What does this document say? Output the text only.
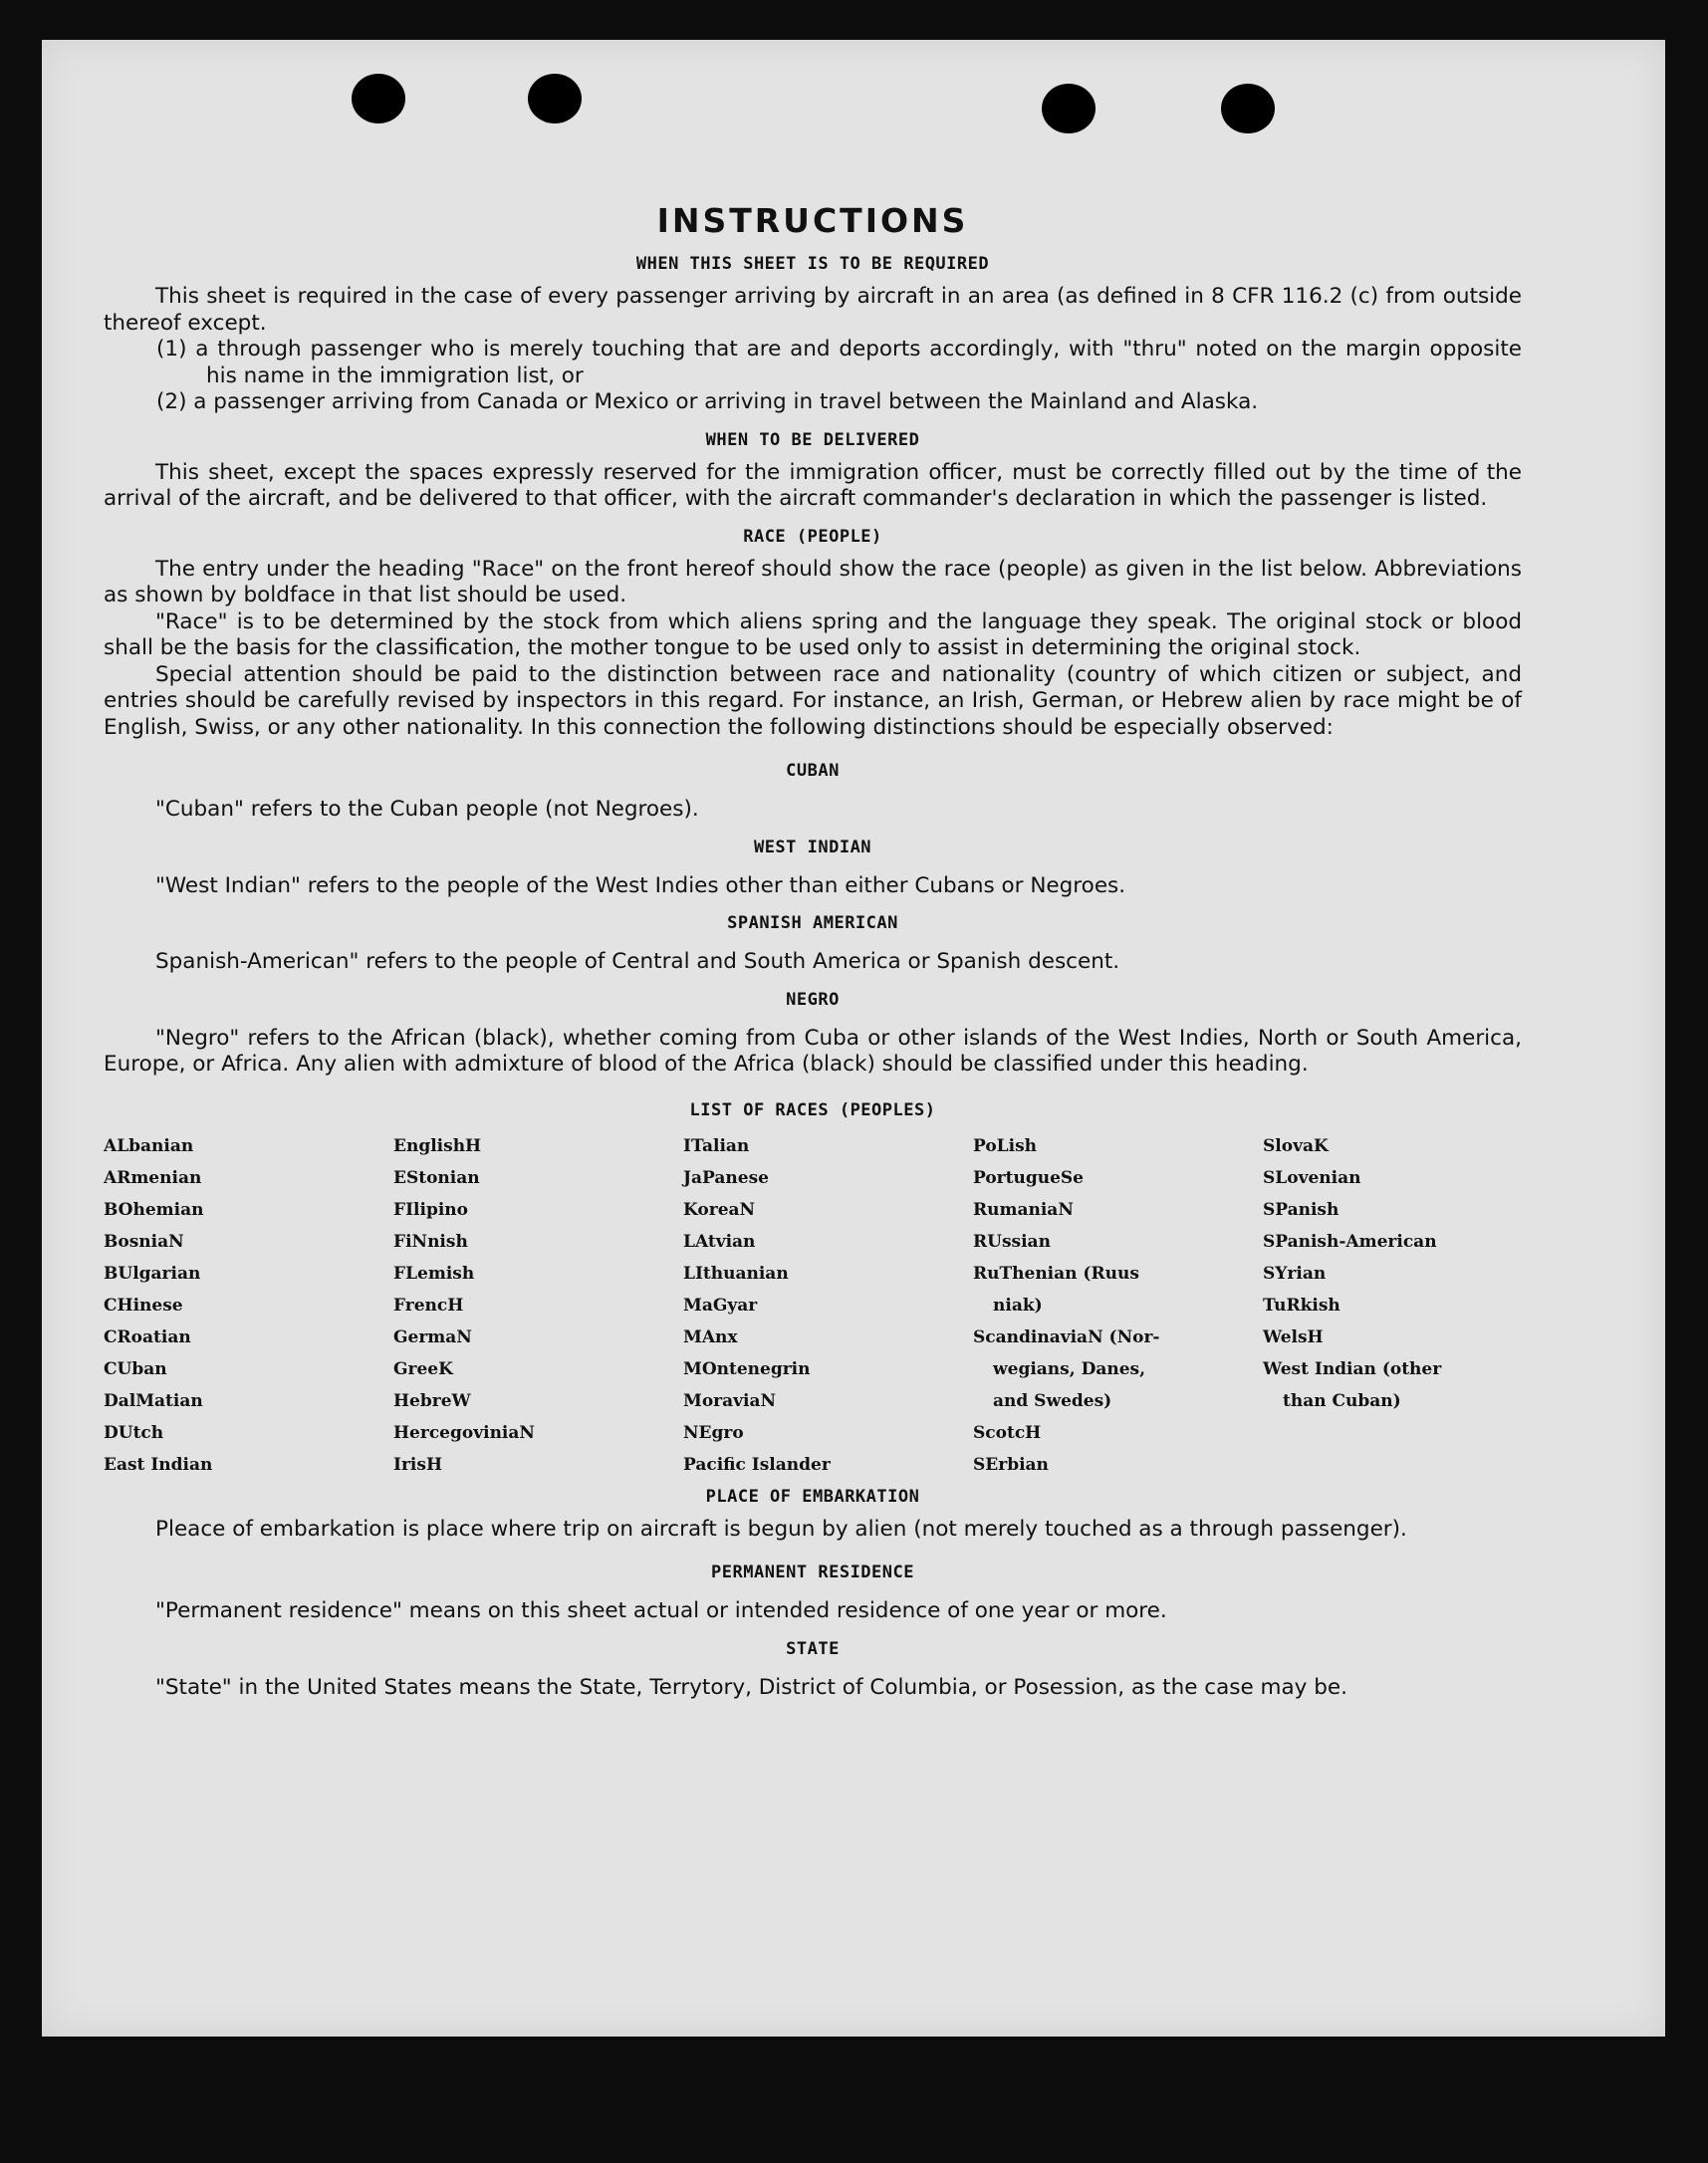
INSTRUCTIONS
WHEN THIS SHEET IS TO BE REQUIRED

This sheet is required in the case of every passenger arriving by aircraft in an area (as defined in 8 CFR 116.2 (c) from outside thereof except.

(1) a through passenger who is merely touching that are and deports accordingly, with "thru" noted on the margin opposite his name in the immigration list, or

(2) a passenger arriving from Canada or Mexico or arriving in travel between the Mainland and Alaska.

WHEN TO BE DELIVERED

This sheet, except the spaces expressly reserved for the immigration officer, must be correctly filled out by the time of the arrival of the aircraft, and be delivered to that officer, with the aircraft commander's declaration in which the passenger is listed.

RACE (PEOPLE)

The entry under the heading "Race" on the front hereof should show the race (people) as given in the list below. Abbreviations as shown by boldface in that list should be used.

"Race" is to be determined by the stock from which aliens spring and the language they speak. The original stock or blood shall be the basis for the classification, the mother tongue to be used only to assist in determining the original stock.

Special attention should be paid to the distinction between race and nationality (country of which citizen or subject, and entries should be carefully revised by inspectors in this regard. For instance, an Irish, German, or Hebrew alien by race might be of English, Swiss, or any other nationality. In this connection the following distinctions should be especially observed:

CUBAN

"Cuban" refers to the Cuban people (not Negroes).

WEST INDIAN

"West Indian" refers to the people of the West Indies other than either Cubans or Negroes.

SPANISH AMERICAN

Spanish-American" refers to the people of Central and South America or Spanish descent.

NEGRO

"Negro" refers to the African (black), whether coming from Cuba or other islands of the West Indies, North or South America, Europe, or Africa. Any alien with admixture of blood of the Africa (black) should be classified under this heading.

LIST OF RACES (PEOPLES)
ALbanian
ARmenian
BOhemian
BosniaN
BUlgarian
CHinese
CRoatian
CUban
DalMatian
DUtch
East Indian
EnglishH
EStonian
FIlipino
FiNnish
FLemish
FrencH
GermaN
GreeK
HebreW
HercegoviniaN
IrisH
ITalian
JaPanese
KoreaN
LAtvian
LIthuanian
MaGyar
MAnx
MOntenegrin
MoraviaN
NEgro
Pacific Islander
PoLish
PortugueSe
RumaniaN
RUssian
RuThenian (Ruus
niak)
ScandinaviaN (Nor-
wegians, Danes,
and Swedes)
ScotcH
SErbian
SlovaK
SLovenian
SPanish
SPanish-American
SYrian
TuRkish
WelsH
West Indian (other
than Cuban)
PLACE OF EMBARKATION

Pleace of embarkation is place where trip on aircraft is begun by alien (not merely touched as a through passenger).

PERMANENT RESIDENCE

"Permanent residence" means on this sheet actual or intended residence of one year or more.

STATE

"State" in the United States means the State, Terrytory, District of Columbia, or Posession, as the case may be.
